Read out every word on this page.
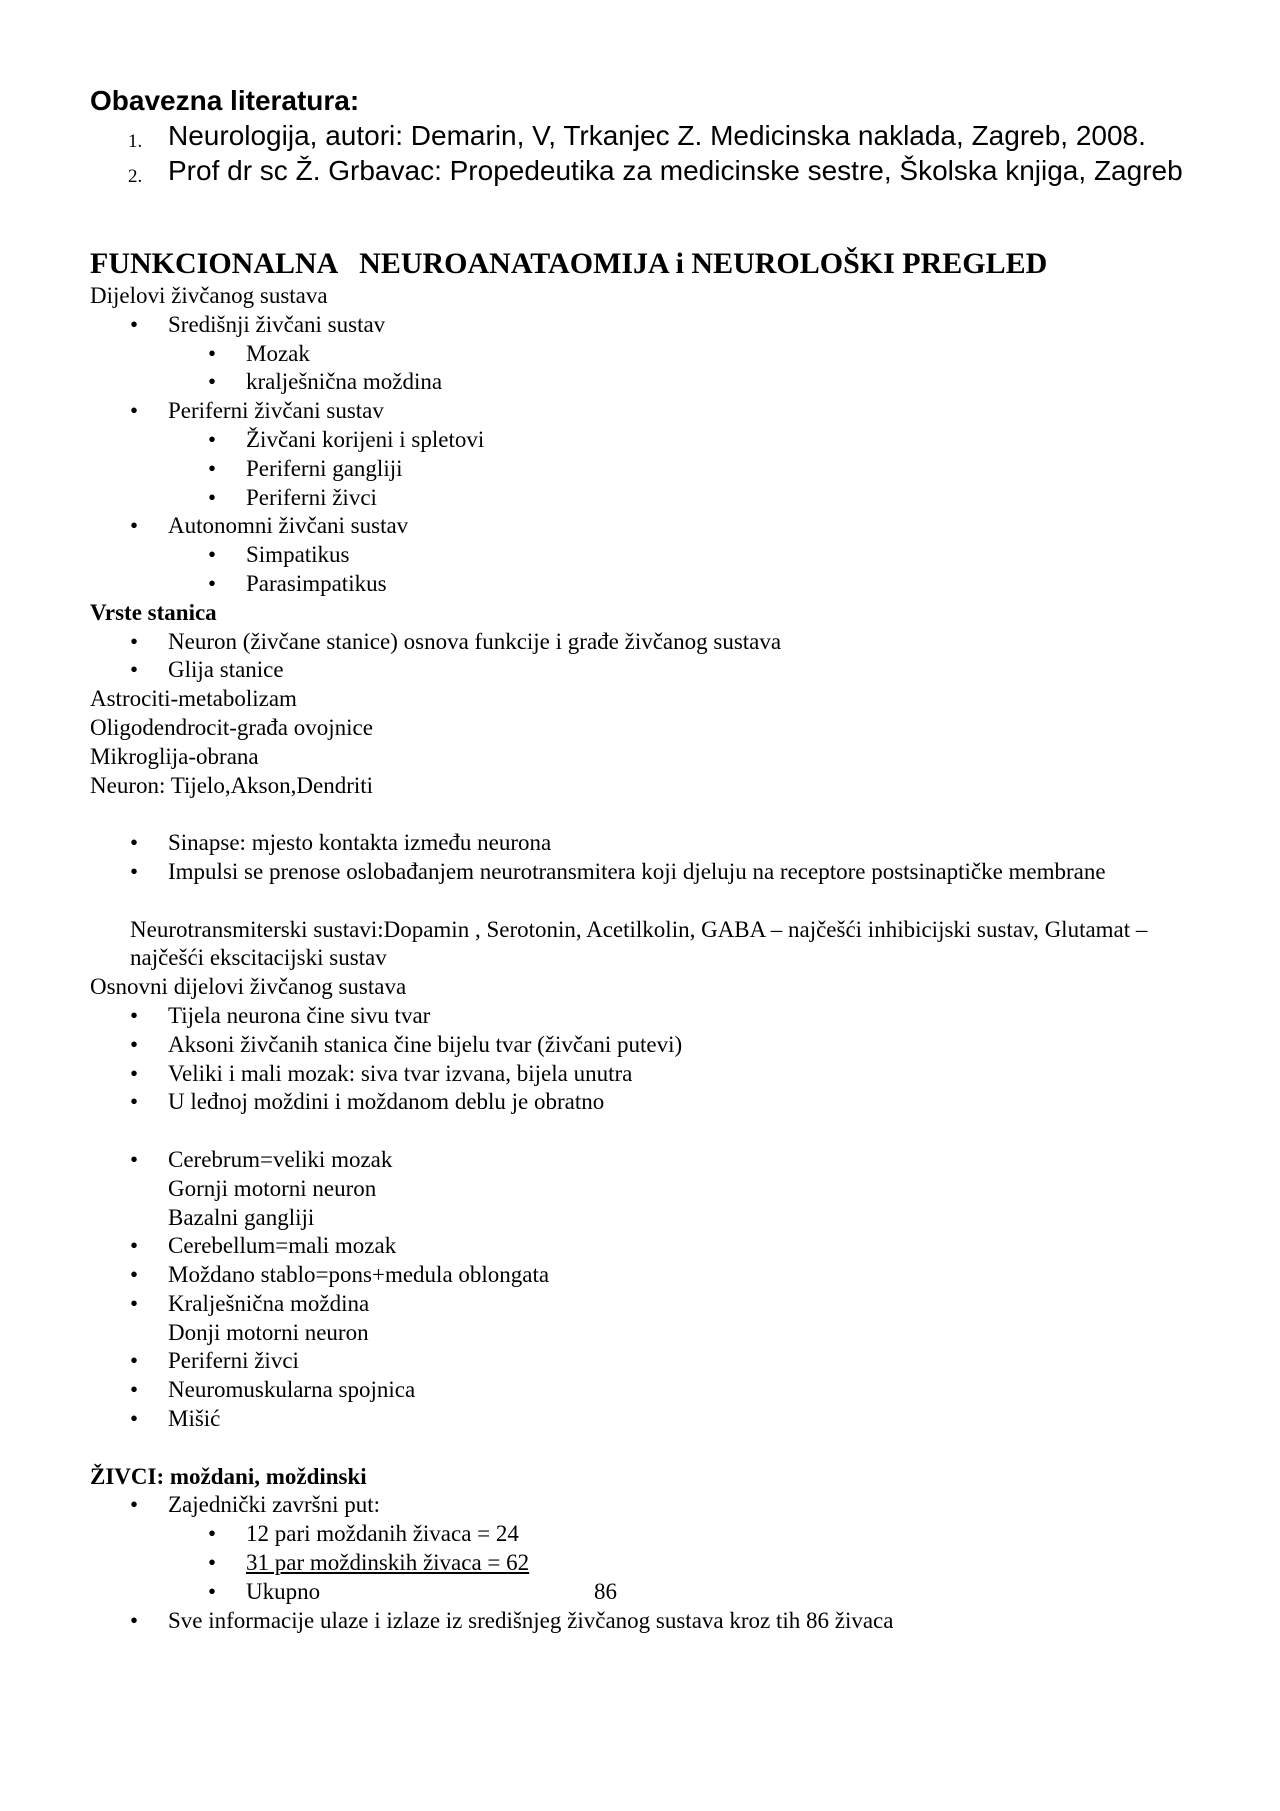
Obavezna literatura:
1. Neurologija, autori: Demarin, V, Trkanjec Z. Medicinska naklada, Zagreb, 2008.
2. Prof dr sc Ž. Grbavac: Propedeutika za medicinske sestre, Školska knjiga, Zagreb
FUNKCIONALNA   NEUROANATAOMIJA i NEUROLOŠKI PREGLED

Dijelovi živčanog sustava

• Središnji živčani sustav
• Mozak
• kralješnična moždina
• Periferni živčani sustav
• Živčani korijeni i spletovi
• Periferni gangliji
• Periferni živci
• Autonomni živčani sustav
• Simpatikus
• Parasimpatikus

Vrste stanica

• Neuron (živčane stanice) osnova funkcije i građe živčanog sustava
• Glija stanice

Astrociti-metabolizam

Oligodendrocit-građa ovojnice

Mikroglija-obrana

Neuron: Tijelo,Akson,Dendriti

• Sinapse: mjesto kontakta između neurona
• Impulsi se prenose oslobađanjem neurotransmitera koji djeluju na receptore postsinaptičke membrane

Neurotransmiterski sustavi:Dopamin , Serotonin, Acetilkolin, GABA – najčešći inhibicijski sustav, Glutamat – najčešći ekscitacijski sustav

Osnovni dijelovi živčanog sustava

• Tijela neurona čine sivu tvar
• Aksoni živčanih stanica čine bijelu tvar (živčani putevi)
• Veliki i mali mozak: siva tvar izvana, bijela unutra
• U leđnoj moždini i moždanom deblu je obratno
• Cerebrum=veliki mozak
Gornji motorni neuron
Bazalni gangliji
• Cerebellum=mali mozak
• Moždano stablo=pons+medula oblongata
• Kralješnična moždina
Donji motorni neuron
• Periferni živci
• Neuromuskularna spojnica
• Mišić

ŽIVCI: moždani, moždinski

• Zajednički završni put:
• 12 pari moždanih živaca = 24
• 31 par moždinskih živaca = 62
• Ukupno	86
• Sve informacije ulaze i izlaze iz središnjeg živčanog sustava kroz tih 86 živaca
